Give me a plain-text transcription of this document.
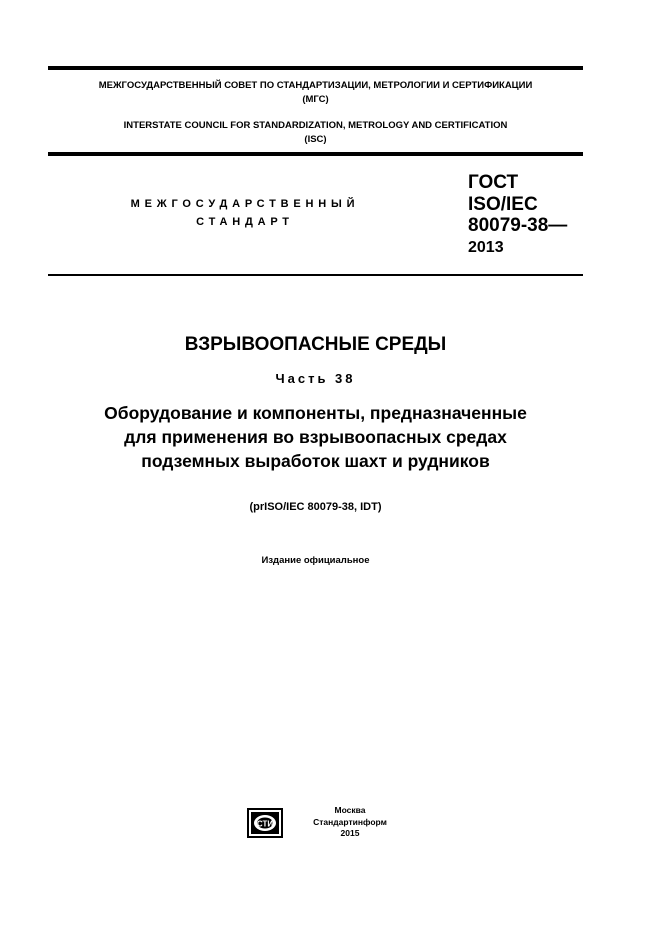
МЕЖГОСУДАРСТВЕННЫЙ СОВЕТ ПО СТАНДАРТИЗАЦИИ, МЕТРОЛОГИИ И СЕРТИФИКАЦИИ
(МГС)
INTERSTATE COUNCIL FOR STANDARDIZATION, METROLOGY AND CERTIFICATION
(ISC)
МЕЖГОСУДАРСТВЕННЫЙ
СТАНДАРТ
ГОСТ
ISO/IEC
80079-38—
2013
ВЗРЫВООПАСНЫЕ СРЕДЫ
Часть 38
Оборудование и компоненты, предназначенные
для применения во взрывоопасных средах
подземных выработок шахт и рудников
(prISO/IEC 80079-38, IDT)
Издание официальное
СТИ
Москва
Стандартинформ
2015
